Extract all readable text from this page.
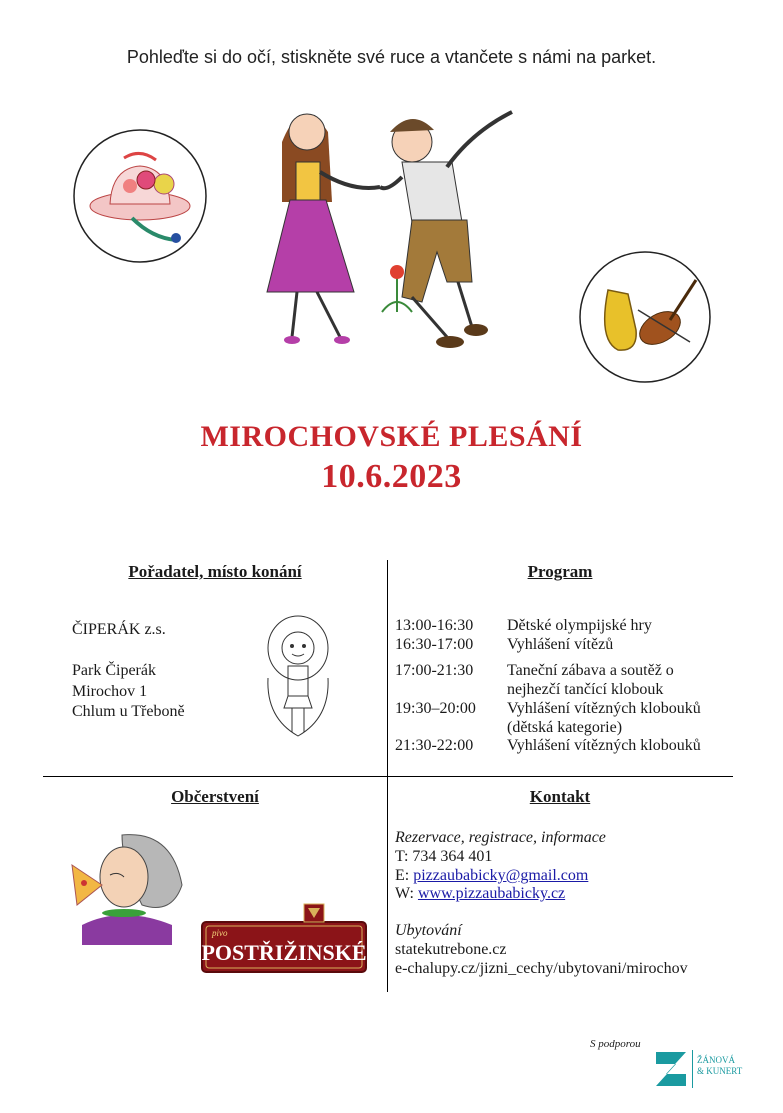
Pohleďte si do očí, stiskněte své ruce a vtančete s námi na parket.
MIROCHOVSKÉ PLESÁNÍ
10.6.2023
Pořadatel, místo konání
ČIPERÁK z.s.
Park Čiperák
Mirochov 1
Chlum u Třeboně
Program
13:00-16:30	Dětské olympijské hry
16:30-17:00	Vyhlášení vítězů
17:00-21:30	Taneční zábava a soutěž o nejhezčí tančící klobouk
19:30–20:00	Vyhlášení vítězných klobouků (dětská kategorie)
21:30-22:00	Vyhlášení vítězných klobouků
Občerstvení
pivo
POSTŘIŽINSKÉ
Kontakt
Rezervace, registrace, informace
T: 734 364 401
E: pizzaubabicky@gmail.com
W: www.pizzaubabicky.cz
Ubytování
statekutrebone.cz
e-chalupy.cz/jizni_cechy/ubytovani/mirochov
S podporou
ŽÁNOVÁ
& KUNERT
